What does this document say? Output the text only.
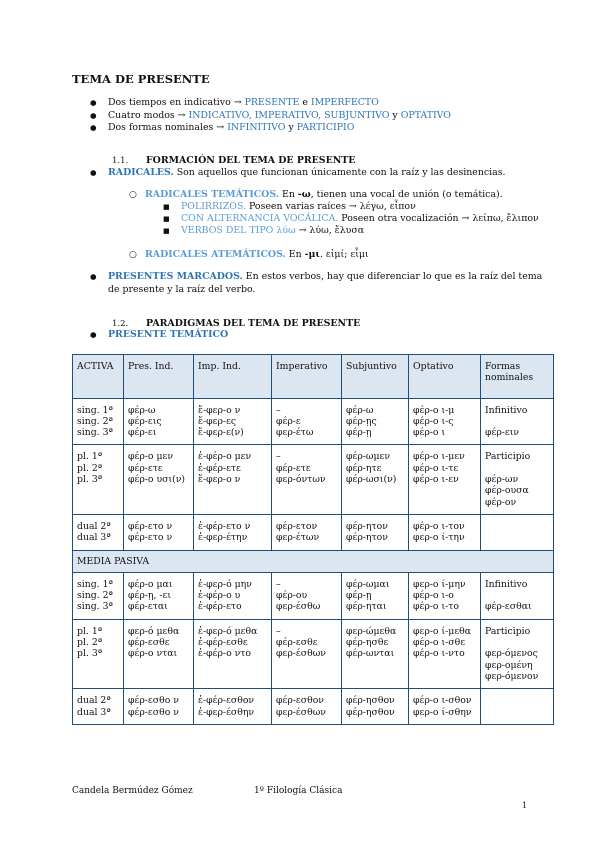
TEMA DE PRESENTE
● Dos tiempos en indicativo → PRESENTE e IMPERFECTO
● Cuatro modos → INDICATIVO, IMPERATIVO, SUBJUNTIVO y OPTATIVO
● Dos formas nominales → INFINITIVO y PARTICIPIO
1.1. FORMACIÓN DEL TEMA DE PRESENTE
● RADICALES. Son aquellos que funcionan únicamente con la raíz y las desinencias.
○ RADICALES TEMÁTICOS. En -ω, tienen una vocal de unión (o temática).
■ POLIRRIZOS. Poseen varias raíces → λέγω, εἶπον
■ CON ALTERNANCIA VOCÁLICA. Poseen otra vocalización → λείπω, ἔλιπον
■ VERBOS DEL TIPO λύω → λύω, ἔλυσα
○ RADICALES ATEMÁTICOS. En -μι. εἰμί; εἶμι
● PRESENTES MARCADOS. En estos verbos, hay que diferenciar lo que es la raíz del tema
de presente y la raíz del verbo.
1.2. PARADIGMAS DEL TEMA DE PRESENTE
● PRESENTE TEMÁTICO
ACTIVA	Pres. Ind.	Imp. Ind.	Imperativo	Subjuntivo	Optativo	Formas nominales

sing. 1ª
sing. 2ª
sing. 3ª	φέρ-ω
φέρ-εις
φέρ-ει	ἔ-φερ-ο ν
ἔ-φερ-ες
ἔ-φερ-ε(ν)	–
φέρ-ε
φερ-έτω	φέρ-ω
φέρ-ῃς
φέρ-ῃ	φέρ-ο ι-μ
φέρ-ο ι-ς
φέρ-ο ι	Infinitivo

φέρ-ειν

pl. 1ª
pl. 2ª
pl. 3ª	φέρ-ο μεν
φέρ-ετε
φέρ-ο υσι(ν)	ἐ-φέρ-ο μεν
ἐ-φέρ-ετε
ἔ-φερ-ο ν	–
φέρ-ετε
φερ-όντων	φέρ-ωμεν
φέρ-ητε
φέρ-ωσι(ν)	φέρ-ο ι-μεν
φέρ-ο ι-τε
φέρ-ο ι-εν	Participio

φέρ-ων
φέρ-ουσα
φέρ-ον

dual 2ª
dual 3ª	φέρ-ετο ν
φέρ-ετο ν	ἐ-φέρ-ετο ν
ἐ-φερ-έτην	φέρ-ετον
φερ-έτων	φέρ-ητον
φέρ-ητον	φέρ-ο ι-τον
φερ-ο ί-την	

MEDIA PASIVA						

sing. 1ª
sing. 2ª
sing. 3ª	φέρ-ο μαι
φέρ-ῃ, -ει
φέρ-εται	ἐ-φερ-ό μην
ἐ-φέρ-ο υ
ἐ-φέρ-ετο	–
φέρ-ου
φερ-έσθω	φέρ-ωμαι
φέρ-ῃ
φέρ-ηται	φερ-ο ί-μην
φέρ-ο ι-ο
φέρ-ο ι-το	Infinitivo

φέρ-εσθαι

pl. 1ª
pl. 2ª
pl. 3ª	φερ-ό μεθα
φέρ-εσθε
φέρ-ο νται	ἐ-φερ-ό μεθα
ἐ-φέρ-εσθε
ἐ-φέρ-ο ντο	–
φέρ-εσθε
φερ-έσθων	φερ-ώμεθα
φέρ-ησθε
φέρ-ωνται	φερ-ο ί-μεθα
φέρ-ο ι-σθε
φέρ-ο ι-ντο	Participio

φερ-όμενος
φερ-ομένη
φερ-όμενον

dual 2ª
dual 3ª	φέρ-εσθο ν
φέρ-εσθο ν	ἐ-φέρ-εσθον
ἐ-φερ-έσθην	φέρ-εσθον
φερ-έσθων	φέρ-ησθον
φέρ-ησθον	φέρ-ο ι-σθον
φερ-ο ί-σθην	

Candela Bermúdez Gómez	1º Filología Clásica
1
